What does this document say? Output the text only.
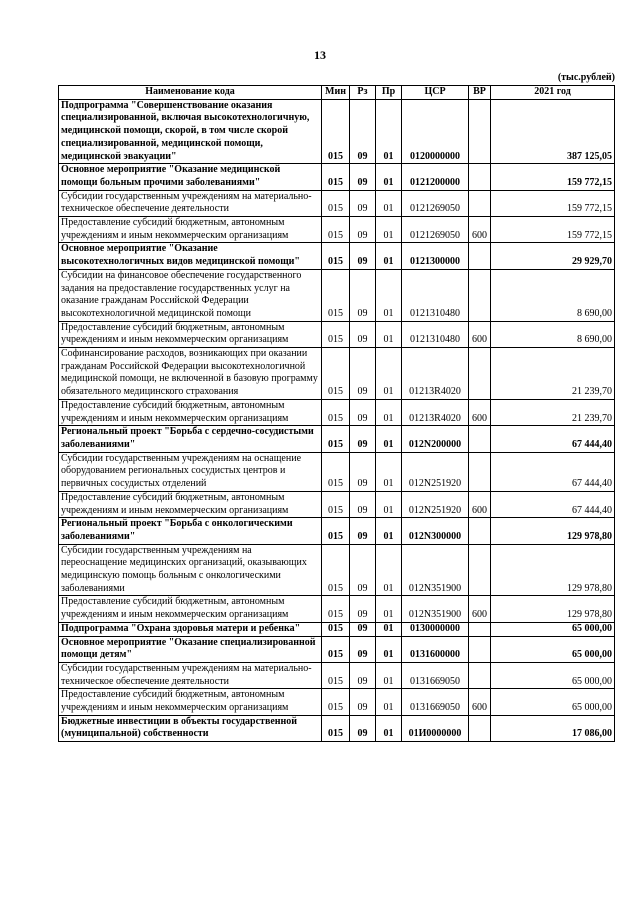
13
(тыс.рублей)
Наименование кода	Мин	Рз	Пр	ЦСР	ВР	2021 год
Подпрограмма "Совершенствование оказания специализированной, включая высокотехнологичную, медицинской помощи, скорой, в том числе скорой специализированной, медицинской помощи, медицинской эвакуации"	015	09	01	0120000000		387 125,05
Основное мероприятие "Оказание медицинской помощи больным прочими заболеваниями"	015	09	01	0121200000		159 772,15
Субсидии государственным учреждениям на материально-техническое обеспечение деятельности	015	09	01	0121269050		159 772,15
Предоставление субсидий бюджетным, автономным учреждениям и иным некоммерческим организациям	015	09	01	0121269050	600	159 772,15
Основное мероприятие "Оказание высокотехнологичных видов медицинской помощи"	015	09	01	0121300000		29 929,70
Субсидии на финансовое обеспечение государственного задания на предоставление государственных услуг на оказание гражданам Российской Федерации высокотехнологичной медицинской помощи	015	09	01	0121310480		8 690,00
Предоставление субсидий бюджетным, автономным учреждениям и иным некоммерческим организациям	015	09	01	0121310480	600	8 690,00
Софинансирование расходов, возникающих при оказании гражданам Российской Федерации высокотехнологичной медицинской помощи, не включенной в базовую программу обязательного медицинского страхования	015	09	01	01213R4020		21 239,70
Предоставление субсидий бюджетным, автономным учреждениям и иным некоммерческим организациям	015	09	01	01213R4020	600	21 239,70
Региональный проект "Борьба с сердечно-сосудистыми заболеваниями"	015	09	01	012N200000		67 444,40
Субсидии государственным учреждениям на оснащение оборудованием региональных сосудистых центров и первичных сосудистых отделений	015	09	01	012N251920		67 444,40
Предоставление субсидий бюджетным, автономным учреждениям и иным некоммерческим организациям	015	09	01	012N251920	600	67 444,40
Региональный проект "Борьба с онкологическими заболеваниями"	015	09	01	012N300000		129 978,80
Субсидии государственным учреждениям на переоснащение медицинских организаций, оказывающих медицинскую помощь больным с онкологическими заболеваниями	015	09	01	012N351900		129 978,80
Предоставление субсидий бюджетным, автономным учреждениям и иным некоммерческим организациям	015	09	01	012N351900	600	129 978,80
Подпрограмма "Охрана здоровья матери и ребенка"	015	09	01	0130000000		65 000,00
Основное мероприятие "Оказание специализированной помощи детям"	015	09	01	0131600000		65 000,00
Субсидии государственным учреждениям на материально-техническое обеспечение деятельности	015	09	01	0131669050		65 000,00
Предоставление субсидий бюджетным, автономным учреждениям и иным некоммерческим организациям	015	09	01	0131669050	600	65 000,00
Бюджетные инвестиции в объекты государственной (муниципальной) собственности	015	09	01	01И0000000		17 086,00
